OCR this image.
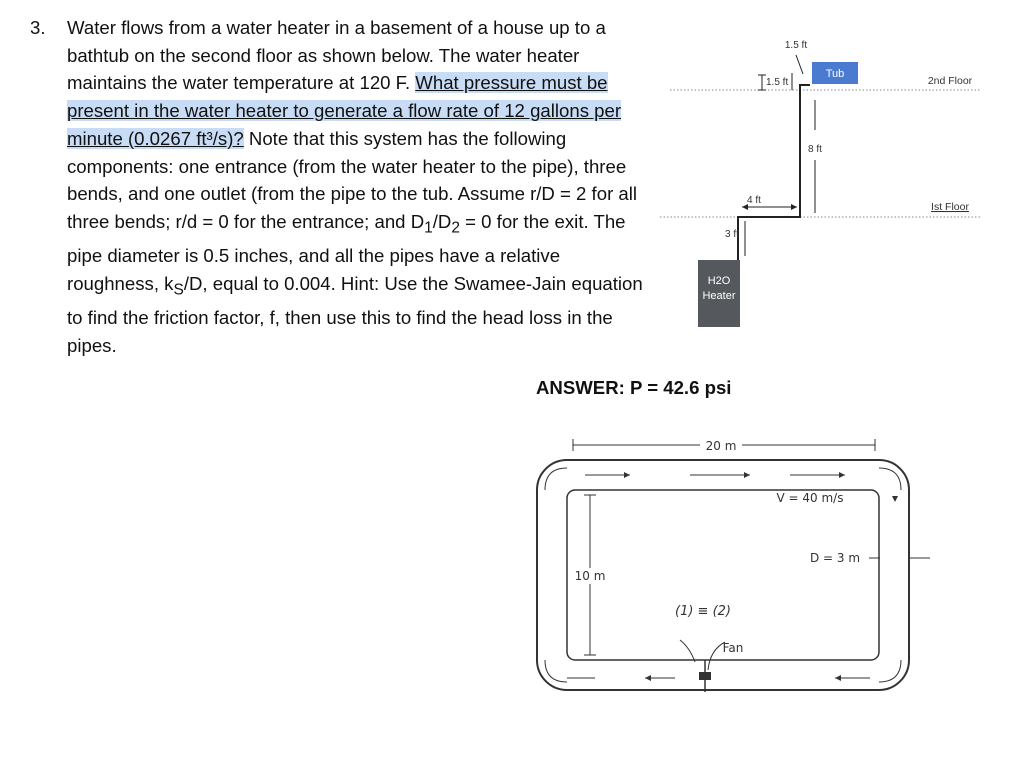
3. Water flows from a water heater in a basement of a house up to a bathtub on the second floor as shown below. The water heater maintains the water temperature at 120 F. What pressure must be present in the water heater to generate a flow rate of 12 gallons per minute (0.0267 ft³/s)? Note that this system has the following components: one entrance (from the water heater to the pipe), three bends, and one outlet (from the pipe to the tub. Assume r/D = 2 for all three bends; r/d = 0 for the entrance; and $D_1/D_2 = 0$ for the exit. The pipe diameter is 0.5 inches, and all the pipes have a relative roughness, $k_S/D$, equal to 0.004. Hint: Use the Swamee-Jain equation to find the friction factor, f, then use this to find the head loss in the pipes.
ANSWER: P = 42.6 psi
Tub
1.5 ft
1.5 ft	2nd Floor
8 ft
4 ft
Ist Floor
3 ft
H2O
Heater
20 m
V = 40 m/s
D = 3 m
10 m
(1) ≡ (2)
Fan
